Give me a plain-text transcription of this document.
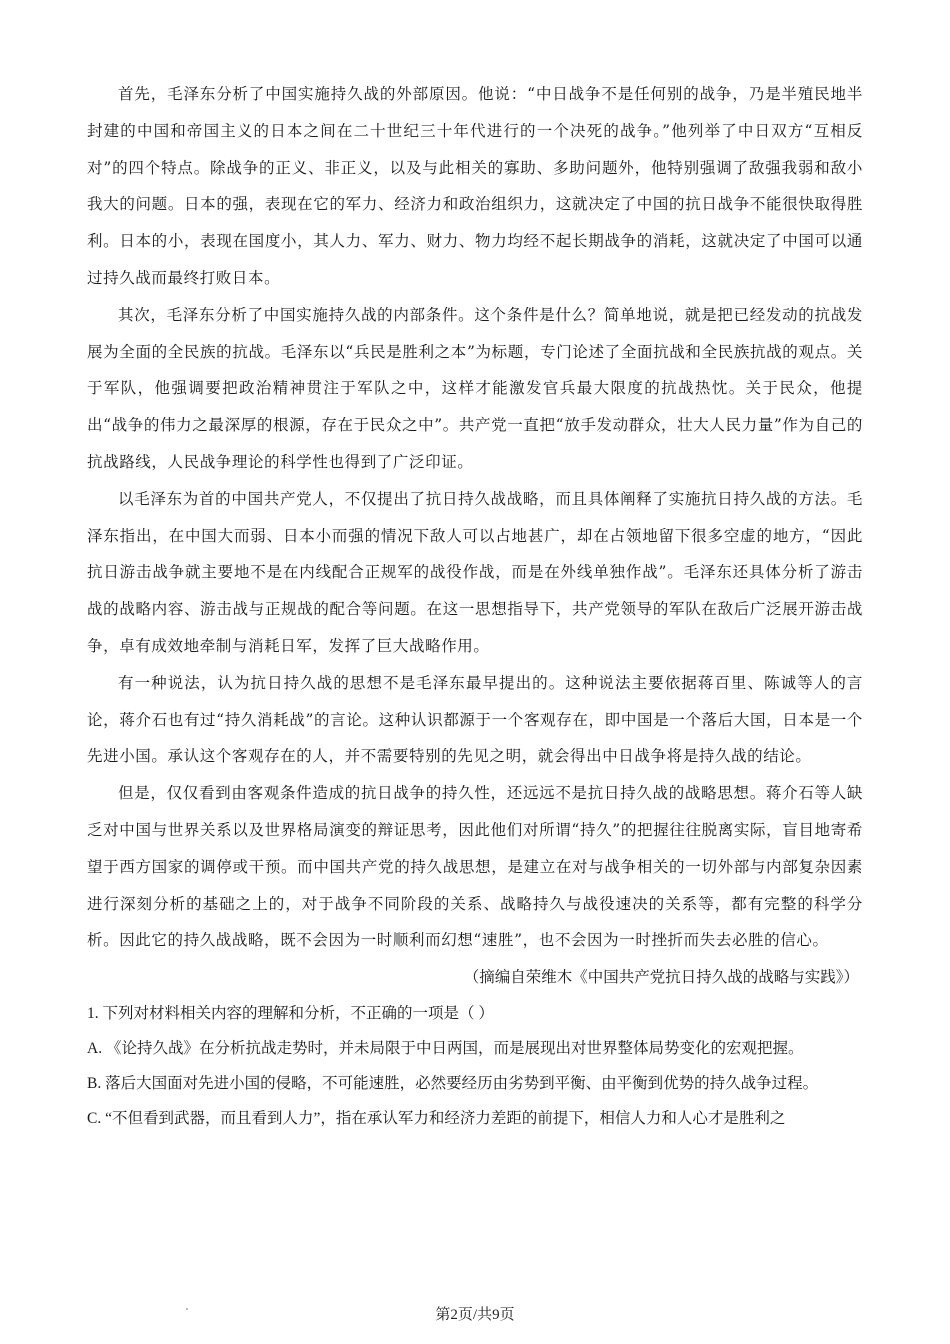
首先，毛泽东分析了中国实施持久战的外部原因。他说：“中日战争不是任何别的战争，乃是半殖民地半封建的中国和帝国主义的日本之间在二十世纪三十年代进行的一个决死的战争。”他列举了中日双方“互相反对”的四个特点。除战争的正义、非正义，以及与此相关的寡助、多助问题外，他特别强调了敌强我弱和敌小我大的问题。日本的强，表现在它的军力、经济力和政治组织力，这就决定了中国的抗日战争不能很快取得胜利。日本的小，表现在国度小，其人力、军力、财力、物力均经不起长期战争的消耗，这就决定了中国可以通过持久战而最终打败日本。

其次，毛泽东分析了中国实施持久战的内部条件。这个条件是什么？简单地说，就是把已经发动的抗战发展为全面的全民族的抗战。毛泽东以“兵民是胜利之本”为标题，专门论述了全面抗战和全民族抗战的观点。关于军队，他强调要把政治精神贯注于军队之中，这样才能激发官兵最大限度的抗战热忱。关于民众，他提出“战争的伟力之最深厚的根源，存在于民众之中”。共产党一直把“放手发动群众，壮大人民力量”作为自己的抗战路线，人民战争理论的科学性也得到了广泛印证。

以毛泽东为首的中国共产党人，不仅提出了抗日持久战战略，而且具体阐释了实施抗日持久战的方法。毛泽东指出，在中国大而弱、日本小而强的情况下敌人可以占地甚广，却在占领地留下很多空虚的地方，“因此抗日游击战争就主要地不是在内线配合正规军的战役作战，而是在外线单独作战”。毛泽东还具体分析了游击战的战略内容、游击战与正规战的配合等问题。在这一思想指导下，共产党领导的军队在敌后广泛展开游击战争，卓有成效地牵制与消耗日军，发挥了巨大战略作用。

有一种说法，认为抗日持久战的思想不是毛泽东最早提出的。这种说法主要依据蒋百里、陈诚等人的言论，蒋介石也有过“持久消耗战”的言论。这种认识都源于一个客观存在，即中国是一个落后大国，日本是一个先进小国。承认这个客观存在的人，并不需要特别的先见之明，就会得出中日战争将是持久战的结论。

但是，仅仅看到由客观条件造成的抗日战争的持久性，还远远不是抗日持久战的战略思想。蒋介石等人缺乏对中国与世界关系以及世界格局演变的辩证思考，因此他们对所谓“持久”的把握往往脱离实际，盲目地寄希望于西方国家的调停或干预。而中国共产党的持久战思想，是建立在对与战争相关的一切外部与内部复杂因素进行深刻分析的基础之上的，对于战争不同阶段的关系、战略持久与战役速决的关系等，都有完整的科学分析。因此它的持久战战略，既不会因为一时顺利而幻想“速胜”，也不会因为一时挫折而失去必胜的信心。

（摘编自荣维木《中国共产党抗日持久战的战略与实践》）

1. 下列对材料相关内容的理解和分析，不正确的一项是（ ）

A. 《论持久战》在分析抗战走势时，并未局限于中日两国，而是展现出对世界整体局势变化的宏观把握。

B. 落后大国面对先进小国的侵略，不可能速胜，必然要经历由劣势到平衡、由平衡到优势的持久战争过程。

C. “不但看到武器，而且看到人力”，指在承认军力和经济力差距的前提下，相信人力和人心才是胜利之

第2页/共9页
